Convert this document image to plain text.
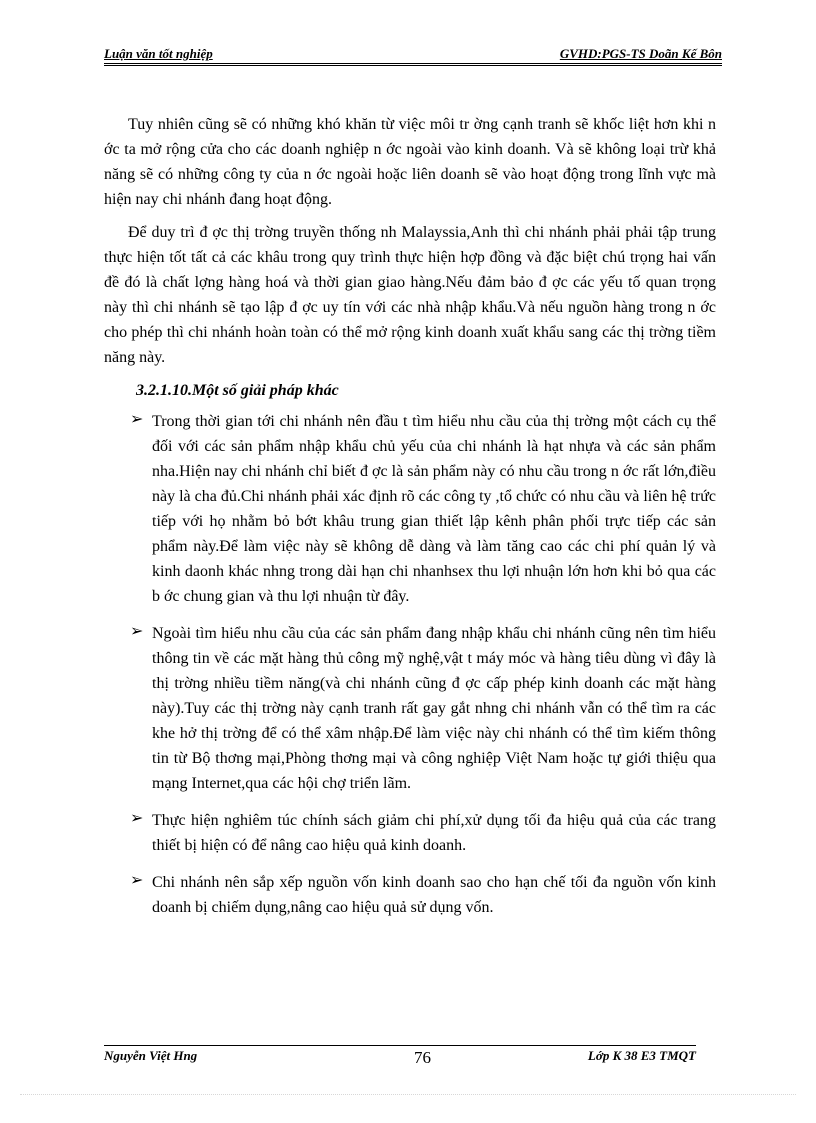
Luận văn tốt nghiệp	GVHD:PGS-TS Doãn Kế Bôn

Tuy nhiên cũng sẽ có những khó khăn từ việc môi tr ờng cạnh tranh sẽ khốc liệt hơn khi n ớc ta mở rộng cửa cho các doanh nghiệp n ớc ngoài vào kinh doanh. Và sẽ không loại trừ khả năng sẽ có những công ty của n ớc ngoài hoặc liên doanh sẽ vào hoạt động trong lĩnh vực mà hiện nay chi nhánh đang hoạt động.

Để duy trì đ ợc thị trờng truyền thống nh Malayssia,Anh thì chi nhánh phải phải tập trung thực hiện tốt tất cả các khâu trong quy trình thực hiện hợp đồng và đặc biệt chú trọng hai vấn đề đó là chất lợng hàng hoá và thời gian giao hàng.Nếu đảm bảo đ ợc các yếu tố quan trọng này thì chi nhánh sẽ tạo lập đ ợc uy tín với các nhà nhập khẩu.Và nếu nguồn hàng trong n ớc cho phép thì chi nhánh hoàn toàn có thể mở rộng kinh doanh xuất khẩu sang các thị trờng tiềm năng này.

3.2.1.10.Một số giải pháp khác
➢ Trong thời gian tới chi nhánh nên đầu t tìm hiểu nhu cầu của thị trờng một cách cụ thể đối với các sản phẩm nhập khẩu chủ yếu của chi nhánh là hạt nhựa và các sản phẩm nha.Hiện nay chi nhánh chỉ biết đ ợc là sản phẩm này có nhu cầu trong n ớc rất lớn,điều này là cha đủ.Chi nhánh phải xác định rõ các công ty ,tổ chức có nhu cầu và liên hệ trức tiếp với họ nhằm bỏ bớt khâu trung gian thiết lập kênh phân phối trực tiếp các sản phẩm này.Để làm việc này sẽ không dễ dàng và làm tăng cao các chi phí quản lý và kinh daonh khác nhng trong dài hạn chi nhanhsex thu lợi nhuận lớn hơn khi bỏ qua các b ớc chung gian và thu lợi nhuận từ đây.
➢ Ngoài tìm hiểu nhu cầu của các sản phẩm đang nhập khẩu chi nhánh cũng nên tìm hiểu thông tin về các mặt hàng thủ công mỹ nghệ,vật t máy móc và hàng tiêu dùng vì đây là thị trờng nhiều tiềm năng(và chi nhánh cũng đ ợc cấp phép kinh doanh các mặt hàng này).Tuy các thị trờng này cạnh tranh rất gay gắt nhng chi nhánh vẫn có thể tìm ra các khe hở thị trờng để có thể xâm nhập.Để làm việc này chi nhánh có thể tìm kiếm thông tin từ Bộ thơng mại,Phòng thơng mại và công nghiệp Việt Nam hoặc tự giới thiệu qua mạng Internet,qua các hội chợ triển lãm.
➢ Thực hiện nghiêm túc chính sách giảm chi phí,xử dụng tối đa hiệu quả của các trang thiết bị hiện có để nâng cao hiệu quả kinh doanh.
➢ Chi nhánh nên sắp xếp nguồn vốn kinh doanh sao cho hạn chế tối đa nguồn vốn kinh doanh bị chiếm dụng,nâng cao hiệu quả sử dụng vốn.
Nguyễn Việt Hng	76	Lớp K 38 E3 TMQT
